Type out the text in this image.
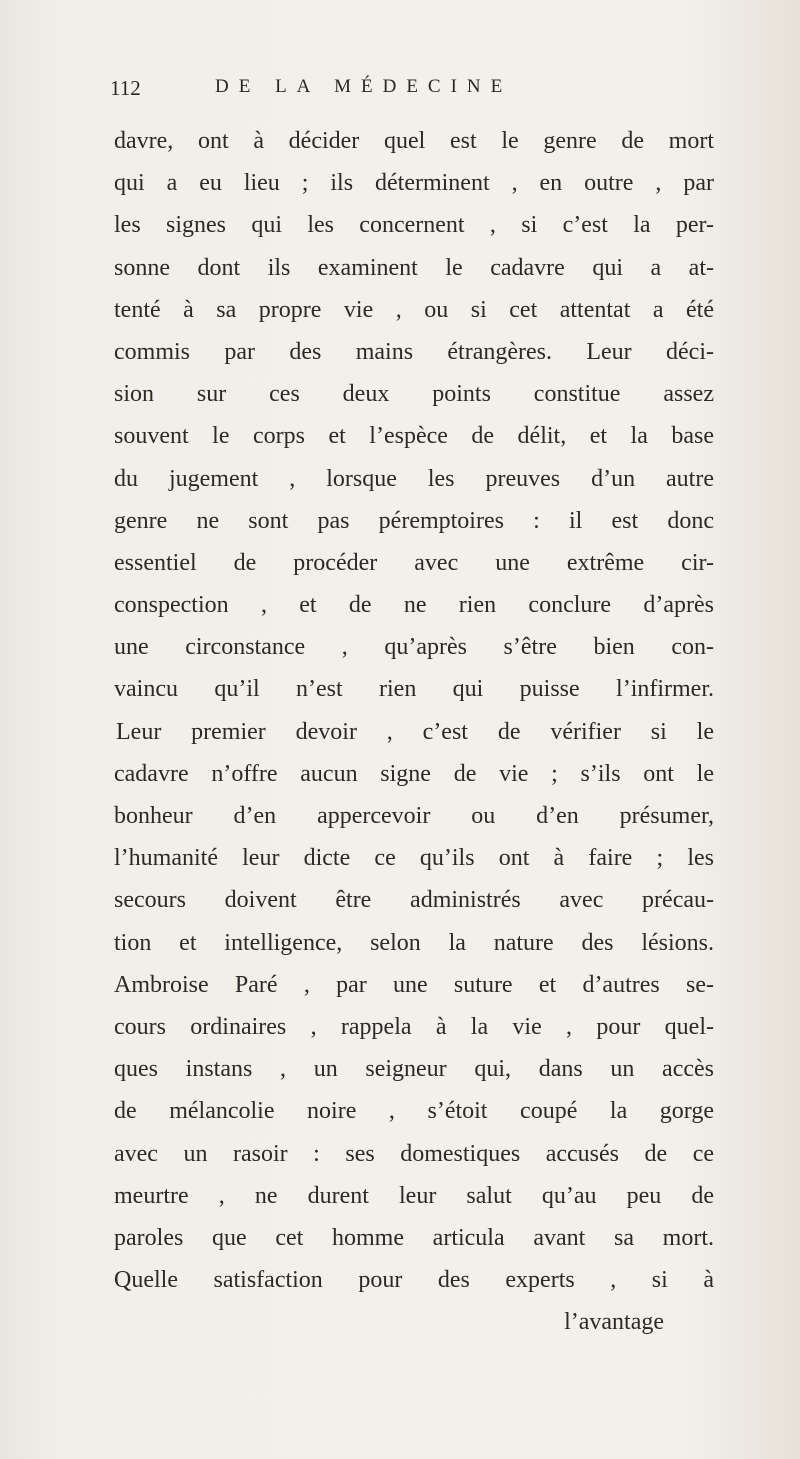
112	DE LA MÉDECINE
davre, ont à décider quel est le genre de mort
qui a eu lieu ; ils déterminent , en outre , par
les signes qui les concernent , si c’est la per-
sonne dont ils examinent le cadavre qui a at-
tenté à sa propre vie , ou si cet attentat a été
commis par des mains étrangères. Leur déci-
sion sur ces deux points constitue assez
souvent le corps et l’espèce de délit, et la base
du jugement , lorsque les preuves d’un autre
genre ne sont pas péremptoires : il est donc
essentiel de procéder avec une extrême cir-
conspection , et de ne rien conclure d’après
une circonstance , qu’après s’être bien con-
vaincu qu’il n’est rien qui puisse l’infirmer.
Leur premier devoir , c’est de vérifier si le
cadavre n’offre aucun signe de vie ; s’ils ont le
bonheur d’en appercevoir ou d’en présumer,
l’humanité leur dicte ce qu’ils ont à faire ; les
secours doivent être administrés avec précau-
tion et intelligence, selon la nature des lésions.
Ambroise Paré , par une suture et d’autres se-
cours ordinaires , rappela à la vie , pour quel-
ques instans , un seigneur qui, dans un accès
de mélancolie noire , s’étoit coupé la gorge
avec un rasoir : ses domestiques accusés de ce
meurtre , ne durent leur salut qu’au peu de
paroles que cet homme articula avant sa mort.
Quelle satisfaction pour des experts , si à
l’avantage
